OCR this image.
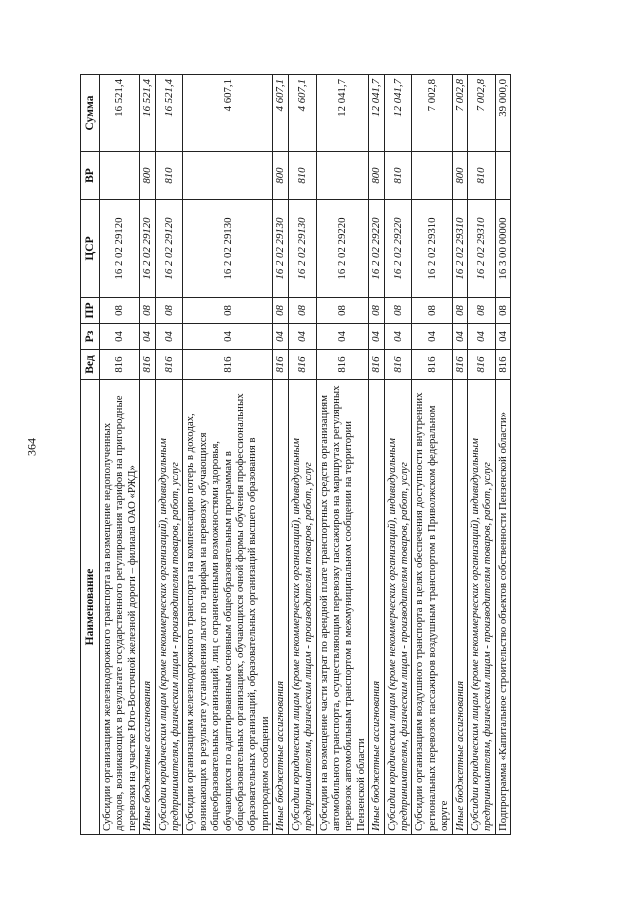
364
Наименование	Вед	Рз	ПР	ЦСР	ВР	Сумма
Субсидии организациям железнодорожного транспорта на возмещение недополученных доходов, возникающих в результате государственного регулирования тарифов на пригородные перевозки на участке Юго-Восточной железной дороги – филиала ОАО «РЖД»	816	04	08	16 2 02 29120		16 521,4
Иные бюджетные ассигнования	816	04	08	16 2 02 29120	800	16 521,4
Субсидии юридическим лицам (кроме некоммерческих организаций), индивидуальным предпринимателям, физическим лицам - производителям товаров, работ, услуг	816	04	08	16 2 02 29120	810	16 521,4
Субсидии организациям железнодорожного транспорта на компенсацию потерь в доходах, возникающих в результате установления льгот по тарифам на перевозку обучающихся общеобразовательных организаций, лиц с ограниченными возможностями здоровья, обучающихся по адаптированным основным общеобразовательным программам в общеобразовательных организациях, обучающихся очной формы обучения профессиональных образовательных организаций, образовательных организаций высшего образования в пригородном сообщении	816	04	08	16 2 02 29130		4 607,1
Иные бюджетные ассигнования	816	04	08	16 2 02 29130	800	4 607,1
Субсидии юридическим лицам (кроме некоммерческих организаций), индивидуальным предпринимателям, физическим лицам - производителям товаров, работ, услуг	816	04	08	16 2 02 29130	810	4 607,1
Субсидии на возмещение части затрат по арендной плате транспортных средств организациям автомобильного транспорта, осуществляющим перевозку пассажиров на маршрутах регулярных перевозок автомобильным транспортом в межмуниципальном сообщении на территории Пензенской области	816	04	08	16 2 02 29220		12 041,7
Иные бюджетные ассигнования	816	04	08	16 2 02 29220	800	12 041,7
Субсидии юридическим лицам (кроме некоммерческих организаций), индивидуальным предпринимателям, физическим лицам - производителям товаров, работ, услуг	816	04	08	16 2 02 29220	810	12 041,7
Субсидии организациям воздушного транспорта в целях обеспечения доступности внутренних региональных перевозок пассажиров воздушным транспортом в Приволжском федеральном округе	816	04	08	16 2 02 29310		7 002,8
Иные бюджетные ассигнования	816	04	08	16 2 02 29310	800	7 002,8
Субсидии юридическим лицам (кроме некоммерческих организаций), индивидуальным предпринимателям, физическим лицам - производителям товаров, работ, услуг	816	04	08	16 2 02 29310	810	7 002,8
Подпрограмма «Капитальное строительство объектов собственности Пензенской области»	816	04	08	16 3 00 00000		39 000,0
